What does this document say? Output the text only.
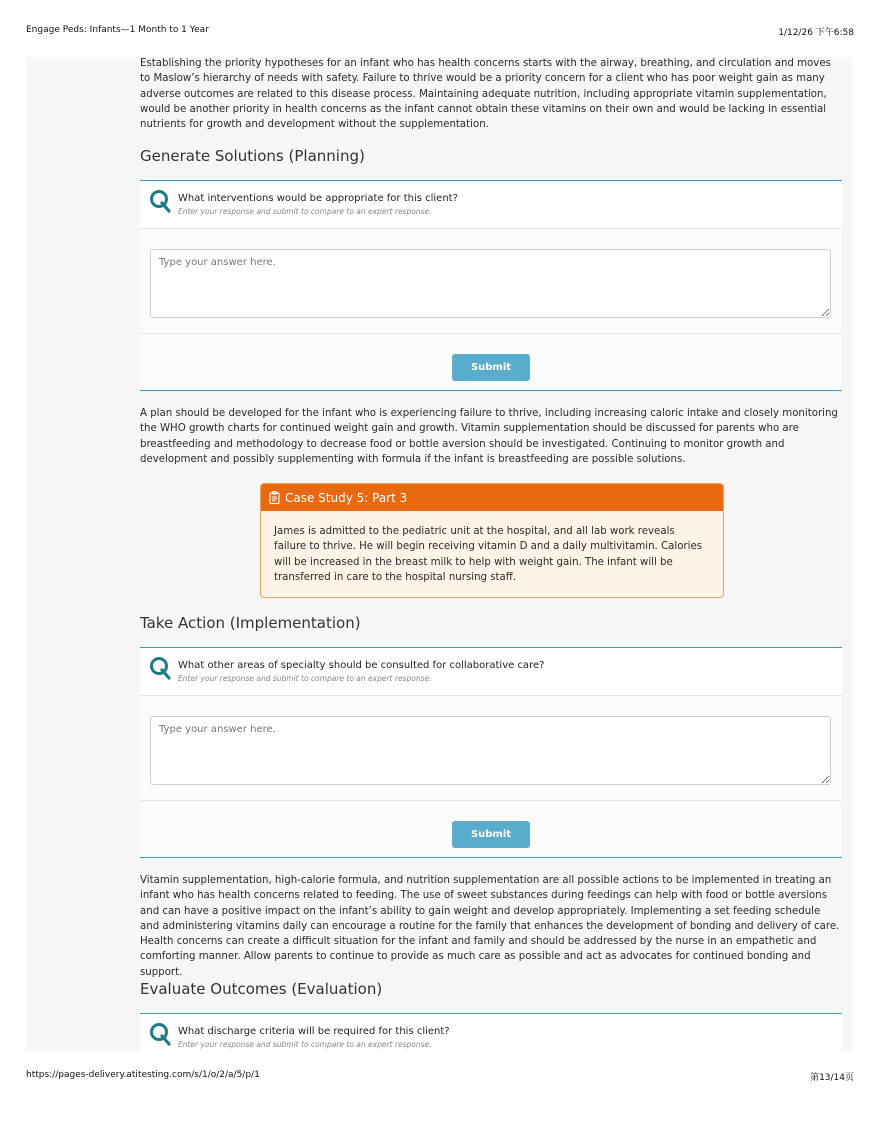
Engage Peds: Infants—1 Month to 1 Year	1/12/26 下午6:58

Establishing the priority hypotheses for an infant who has health concerns starts with the airway, breathing, and circulation and moves to Maslow’s hierarchy of needs with safety. Failure to thrive would be a priority concern for a client who has poor weight gain as many adverse outcomes are related to this disease process. Maintaining adequate nutrition, including appropriate vitamin supplementation, would be another priority in health concerns as the infant cannot obtain these vitamins on their own and would be lacking in essential nutrients for growth and development without the supplementation.

Generate Solutions (Planning)
What interventions would be appropriate for this client?
Enter your response and submit to compare to an expert response.
Type your answer here.
Submit

A plan should be developed for the infant who is experiencing failure to thrive, including increasing caloric intake and closely monitoring the WHO growth charts for continued weight gain and growth. Vitamin supplementation should be discussed for parents who are breastfeeding and methodology to decrease food or bottle aversion should be investigated. Continuing to monitor growth and development and possibly supplementing with formula if the infant is breastfeeding are possible solutions.

Case Study 5: Part 3
James is admitted to the pediatric unit at the hospital, and all lab work reveals failure to thrive. He will begin receiving vitamin D and a daily multivitamin. Calories will be increased in the breast milk to help with weight gain. The infant will be transferred in care to the hospital nursing staff.
Take Action (Implementation)
What other areas of specialty should be consulted for collaborative care?
Enter your response and submit to compare to an expert response.
Type your answer here.
Submit

Vitamin supplementation, high-calorie formula, and nutrition supplementation are all possible actions to be implemented in treating an infant who has health concerns related to feeding. The use of sweet substances during feedings can help with food or bottle aversions and can have a positive impact on the infant’s ability to gain weight and develop appropriately. Implementing a set feeding schedule and administering vitamins daily can encourage a routine for the family that enhances the development of bonding and delivery of care. Health concerns can create a difficult situation for the infant and family and should be addressed by the nurse in an empathetic and comforting manner. Allow parents to continue to provide as much care as possible and act as advocates for continued bonding and support.

Evaluate Outcomes (Evaluation)
What discharge criteria will be required for this client?
Enter your response and submit to compare to an expert response.
https://pages-delivery.atitesting.com/s/1/o/2/a/5/p/1	第13/14页
